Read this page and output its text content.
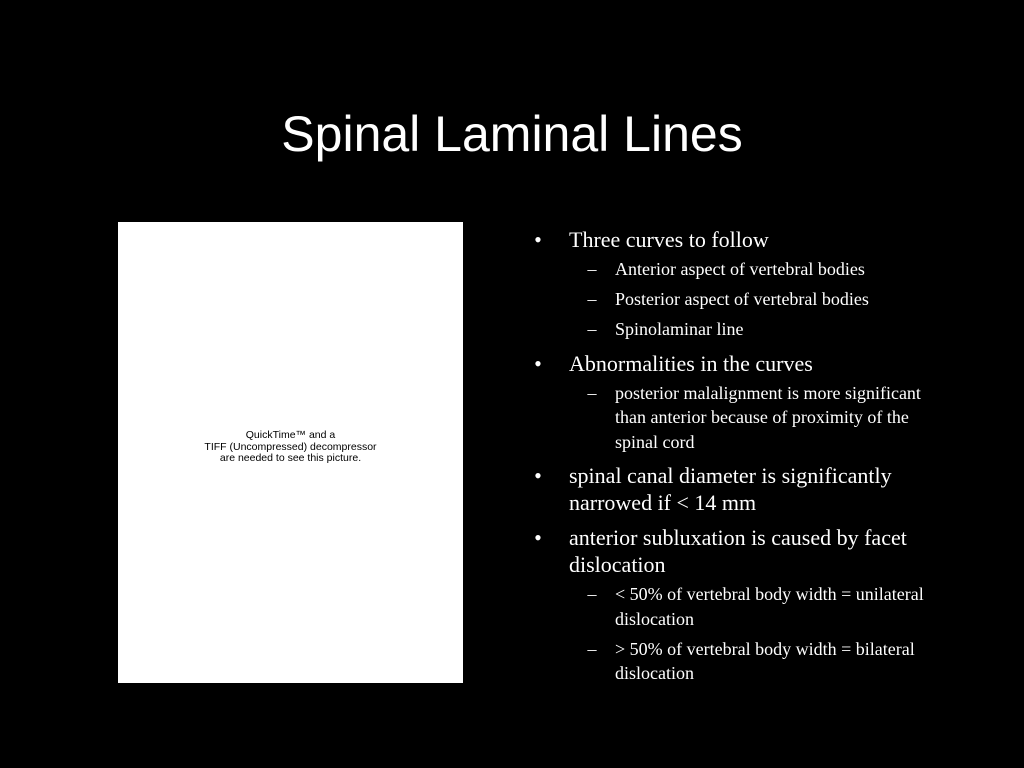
Spinal Laminal Lines
QuickTime™ and a
TIFF (Uncompressed) decompressor
are needed to see this picture.
• Three curves to follow
–	Anterior aspect of vertebral bodies
–	Posterior aspect of vertebral bodies
–	Spinolaminar line
• Abnormalities in the curves
–	posterior malalignment is more significant than anterior because of proximity of the spinal cord
• spinal canal diameter is significantly narrowed if < 14 mm
• anterior subluxation is caused by facet dislocation
–	< 50% of vertebral body width = unilateral dislocation
–	> 50% of vertebral body width = bilateral dislocation
